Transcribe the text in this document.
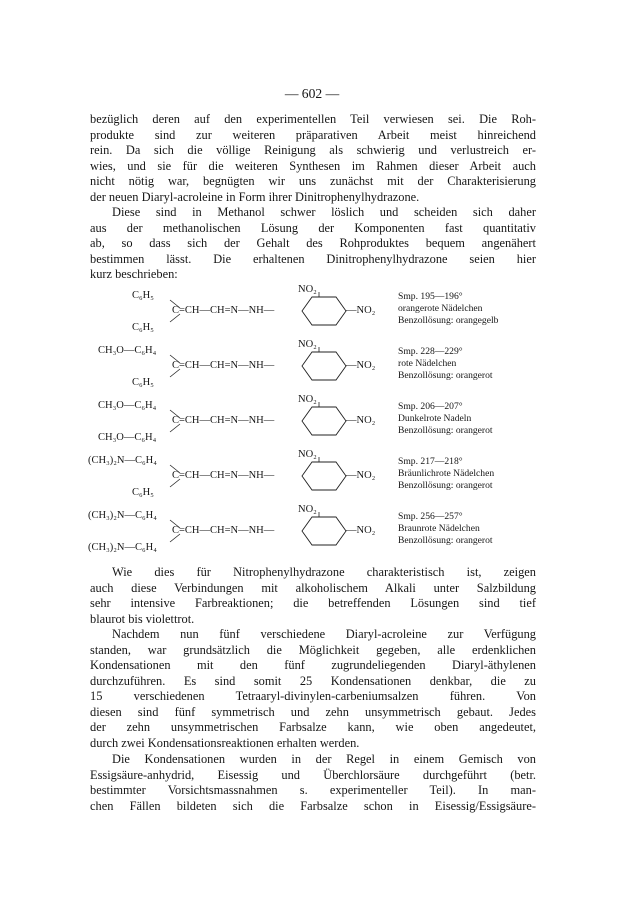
— 602 —
bezüglich deren auf den experimentellen Teil verwiesen sei. Die Roh-
produkte sind zur weiteren präparativen Arbeit meist hinreichend
rein. Da sich die völlige Reinigung als schwierig und verlustreich er-
wies, und sie für die weiteren Synthesen im Rahmen dieser Arbeit auch
nicht nötig war, begnügten wir uns zunächst mit der Charakterisierung
der neuen Diaryl-acroleine in Form ihrer Dinitrophenylhydrazone.
Diese sind in Methanol schwer löslich und scheiden sich daher
aus der methanolischen Lösung der Komponenten fast quantitativ
ab, so dass sich der Gehalt des Rohproduktes bequem angenähert
bestimmen lässt. Die erhaltenen Dinitrophenylhydrazone seien hier
kurz beschrieben:
C₆H₅
C₆H₅
C=CH—CH=N—NH—
NO₂
—NO₂
Smp. 195—196°
orangerote Nädelchen
Benzollösung: orangegelb
CH₃O—C₆H₄
C₆H₅
C=CH—CH=N—NH—
NO₂
—NO₂
Smp. 228—229°
rote Nädelchen
Benzollösung: orangerot
CH₃O—C₆H₄
CH₃O—C₆H₄
C=CH—CH=N—NH—
NO₂
—NO₂
Smp. 206—207°
Dunkelrote Nadeln
Benzollösung: orangerot
(CH₃)₂N—C₆H₄
C₆H₅
C=CH—CH=N—NH—
NO₂
—NO₂
Smp. 217—218°
Bräunlichrote Nädelchen
Benzollösung: orangerot
(CH₃)₂N—C₆H₄
(CH₃)₂N—C₆H₄
C=CH—CH=N—NH—
NO₂
—NO₂
Smp. 256—257°
Braunrote Nädelchen
Benzollösung: orangerot
Wie dies für Nitrophenylhydrazone charakteristisch ist, zeigen
auch diese Verbindungen mit alkoholischem Alkali unter Salzbildung
sehr intensive Farbreaktionen; die betreffenden Lösungen sind tief
blaurot bis violettrot.
Nachdem nun fünf verschiedene Diaryl-acroleine zur Verfügung
standen, war grundsätzlich die Möglichkeit gegeben, alle erdenklichen
Kondensationen mit den fünf zugrundeliegenden Diaryl-äthylenen
durchzuführen. Es sind somit 25 Kondensationen denkbar, die zu
15 verschiedenen Tetraaryl-divinylen-carbeniumsalzen führen. Von
diesen sind fünf symmetrisch und zehn unsymmetrisch gebaut. Jedes
der zehn unsymmetrischen Farbsalze kann, wie oben angedeutet,
durch zwei Kondensationsreaktionen erhalten werden.
Die Kondensationen wurden in der Regel in einem Gemisch von
Essigsäure-anhydrid, Eisessig und Überchlorsäure durchgeführt (betr.
bestimmter Vorsichtsmassnahmen s. experimenteller Teil). In man-
chen Fällen bildeten sich die Farbsalze schon in Eisessig/Essigsäure-
